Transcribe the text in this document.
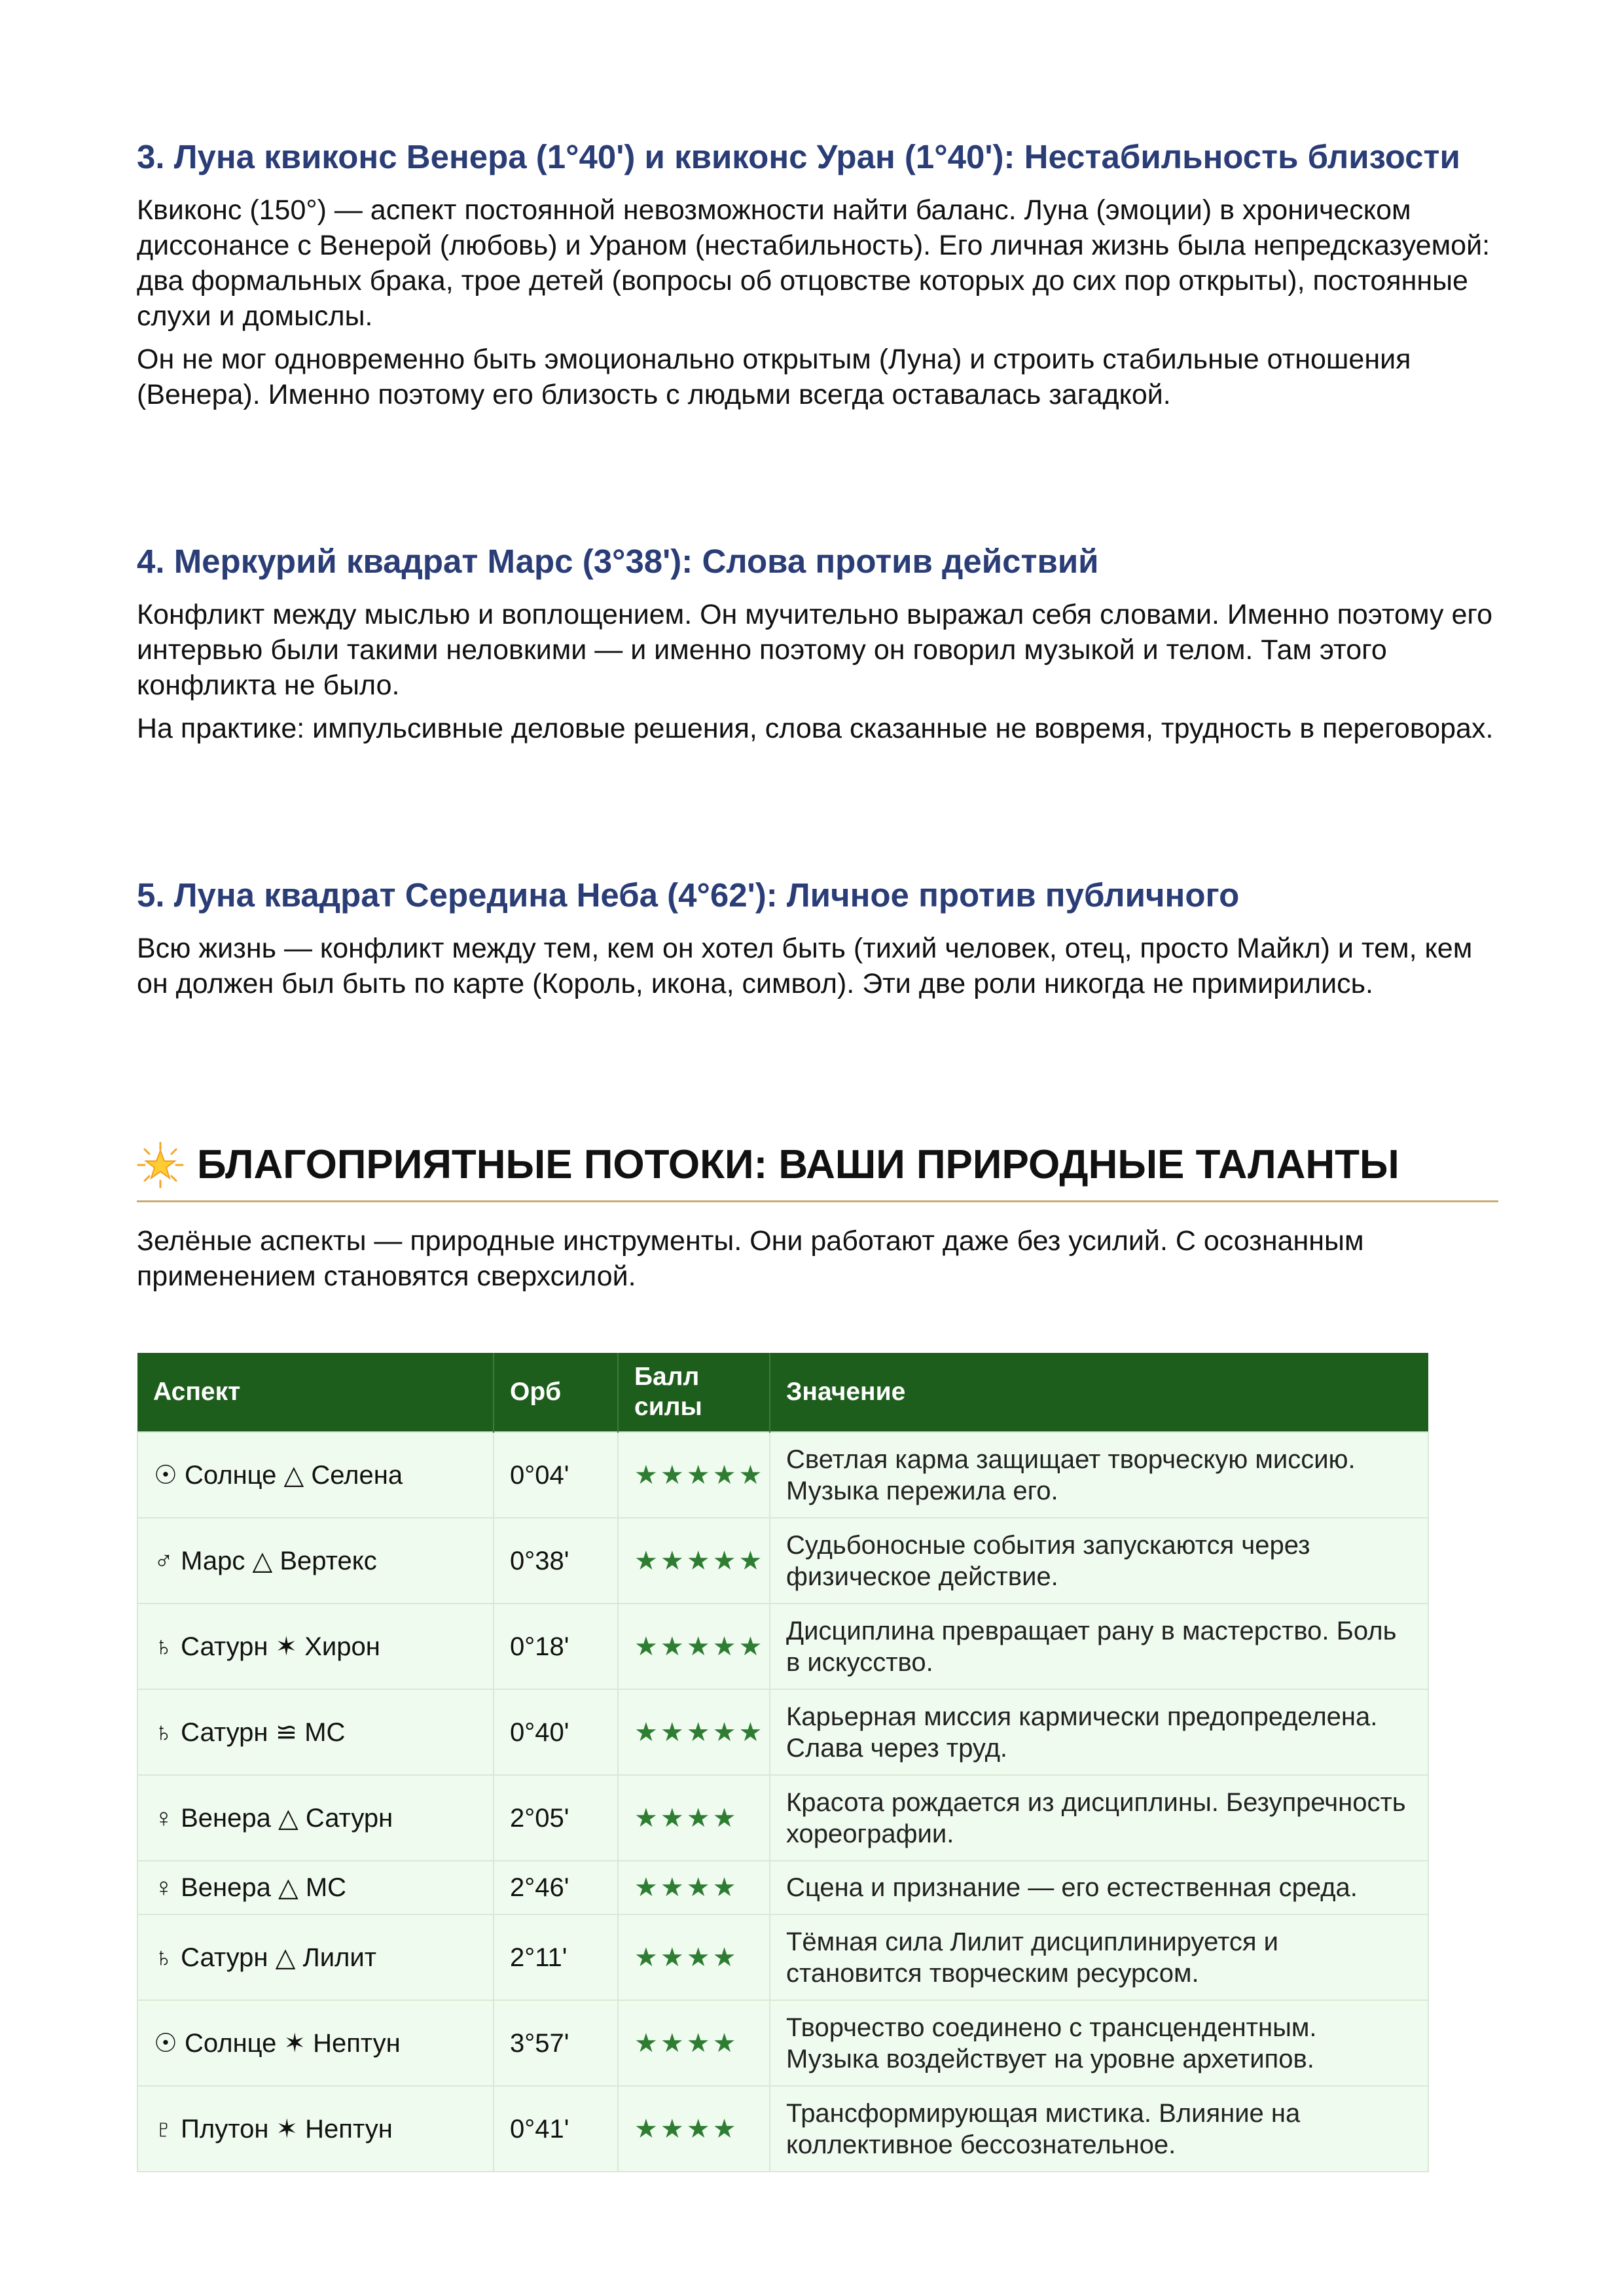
3. Луна квиконс Венера (1°40') и квиконс Уран (1°40'): Нестабильность близости

Квиконс (150°) — аспект постоянной невозможности найти баланс. Луна (эмоции) в хроническом диссонансе с Венерой (любовь) и Ураном (нестабильность). Его личная жизнь была непредсказуемой: два формальных брака, трое детей (вопросы об отцовстве которых до сих пор открыты), постоянные слухи и домыслы.

Он не мог одновременно быть эмоционально открытым (Луна) и строить стабильные отношения (Венера). Именно поэтому его близость с людьми всегда оставалась загадкой.

4. Меркурий квадрат Марс (3°38'): Слова против действий

Конфликт между мыслью и воплощением. Он мучительно выражал себя словами. Именно поэтому его интервью были такими неловкими — и именно поэтому он говорил музыкой и телом. Там этого конфликта не было.

На практике: импульсивные деловые решения, слова сказанные не вовремя, трудность в переговорах.

5. Луна квадрат Середина Неба (4°62'): Личное против публичного

Всю жизнь — конфликт между тем, кем он хотел быть (тихий человек, отец, просто Майкл) и тем, кем он должен был быть по карте (Король, икона, символ). Эти две роли никогда не примирились.

БЛАГОПРИЯТНЫЕ ПОТОКИ: ВАШИ ПРИРОДНЫЕ ТАЛАНТЫ

Зелёные аспекты — природные инструменты. Они работают даже без усилий. С осознанным применением становятся сверхсилой.

Аспект	Орб	Балл силы	Значение
☉ Солнце △ Селена	0°04'	★★★★★	Светлая карма защищает творческую миссию. Музыка пережила его.
♂ Марс △ Вертекс	0°38'	★★★★★	Судьбоносные события запускаются через физическое действие.
♄ Сатурн ✶ Хирон	0°18'	★★★★★	Дисциплина превращает рану в мастерство. Боль в искусство.
♄ Сатурн ≌ МС	0°40'	★★★★★	Карьерная миссия кармически предопределена. Слава через труд.
♀ Венера △ Сатурн	2°05'	★★★★	Красота рождается из дисциплины. Безупречность хореографии.
♀ Венера △ МС	2°46'	★★★★	Сцена и признание — его естественная среда.
♄ Сатурн △ Лилит	2°11'	★★★★	Тёмная сила Лилит дисциплинируется и становится творческим ресурсом.
☉ Солнце ✶ Нептун	3°57'	★★★★	Творчество соединено с трансцендентным. Музыка воздействует на уровне архетипов.
♇ Плутон ✶ Нептун	0°41'	★★★★	Трансформирующая мистика. Влияние на коллективное бессознательное.
